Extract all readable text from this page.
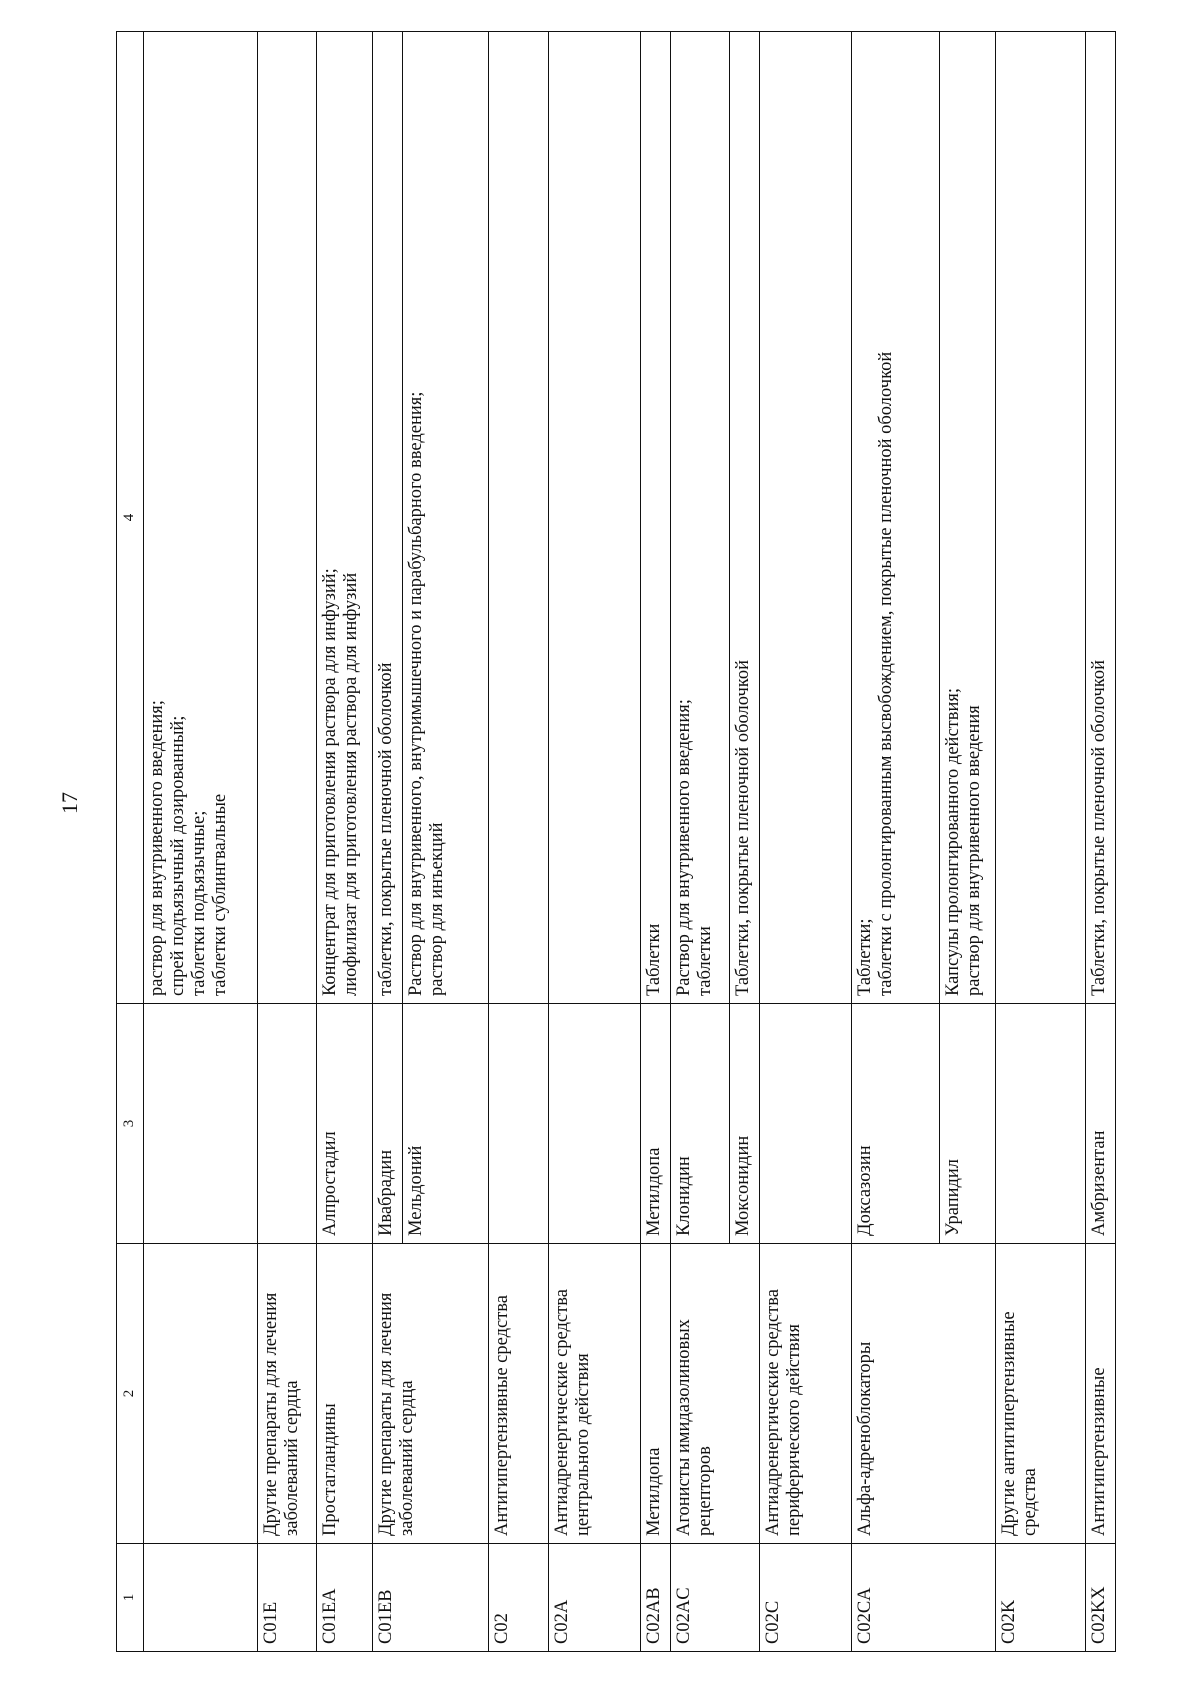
17
1	2	3	4

			раствор для внутривенного введения; спрей подъязычный дозированный; таблетки подъязычные; таблетки сублингвальные

C01E	Другие препараты для лечения заболеваний сердца		
C01EA	Простагландины	Алпростадил	Концентрат для приготовления раствора для инфузий; лиофилизат для приготовления раствора для инфузий

C01EB	Другие препараты для лечения заболеваний сердца	Ивабрадин	таблетки, покрытые пленочной оболочкой

		Мельдоний	Раствор для внутривенного, внутримышечного и парабульбарного введения; раствор для инъекций

C02	Антигипертензивные средства		
C02A	Антиадренергические средства центрального действия		
C02AB	Метилдопа	Метилдопа	Таблетки

C02AC	Агонисты имидазолиновых рецепторов	Клонидин	Раствор для внутривенного введения; таблетки

		Моксонидин	Таблетки, покрытые пленочной оболочкой

C02C	Антиадренергические средства периферического действия		
C02CA	Альфа-адреноблокаторы	Доксазозин	Таблетки; таблетки с пролонгированным высвобождением, покрытые пленочной оболочкой

		Урапидил	Капсулы пролонгированного действия; раствор для внутривенного введения

C02K	Другие антигипертензивные средства		
C02KX	Антигипертензивные	Амбризентан	Таблетки, покрытые пленочной оболочкой
